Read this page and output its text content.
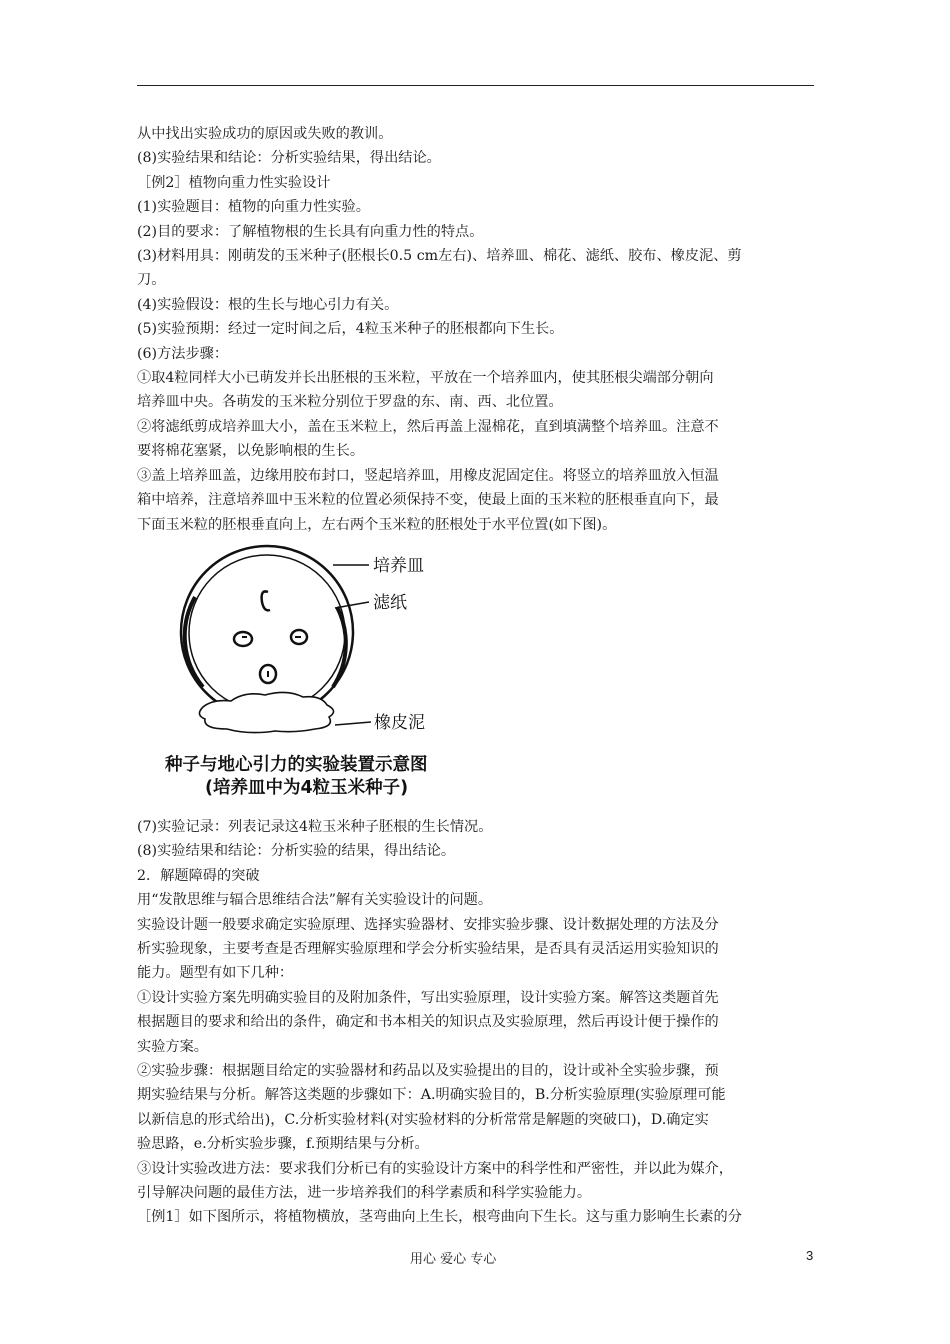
从中找出实验成功的原因或失败的教训。

(8)实验结果和结论：分析实验结果，得出结论。

［例2］植物向重力性实验设计

(1)实验题目：植物的向重力性实验。

(2)目的要求：了解植物根的生长具有向重力性的特点。

(3)材料用具：刚萌发的玉米种子(胚根长0.5 cm左右)、培养皿、棉花、滤纸、胶布、橡皮泥、剪

刀。

(4)实验假设：根的生长与地心引力有关。

(5)实验预期：经过一定时间之后，4粒玉米种子的胚根都向下生长。

(6)方法步骤：

①取4粒同样大小已萌发并长出胚根的玉米粒，平放在一个培养皿内，使其胚根尖端部分朝向

培养皿中央。各萌发的玉米粒分别位于罗盘的东、南、西、北位置。

②将滤纸剪成培养皿大小，盖在玉米粒上，然后再盖上湿棉花，直到填满整个培养皿。注意不

要将棉花塞紧，以免影响根的生长。

③盖上培养皿盖，边缘用胶布封口，竖起培养皿，用橡皮泥固定住。将竖立的培养皿放入恒温

箱中培养，注意培养皿中玉米粒的位置必须保持不变，使最上面的玉米粒的胚根垂直向下，最

下面玉米粒的胚根垂直向上，左右两个玉米粒的胚根处于水平位置(如下图)。

培养皿
滤纸
橡皮泥
种子与地心引力的实验装置示意图
(培养皿中为4粒玉米种子)

(7)实验记录：列表记录这4粒玉米种子胚根的生长情况。

(8)实验结果和结论：分析实验的结果，得出结论。

2．解题障碍的突破

用“发散思维与辐合思维结合法”解有关实验设计的问题。

实验设计题一般要求确定实验原理、选择实验器材、安排实验步骤、设计数据处理的方法及分

析实验现象，主要考查是否理解实验原理和学会分析实验结果，是否具有灵活运用实验知识的

能力。题型有如下几种：

①设计实验方案先明确实验目的及附加条件，写出实验原理，设计实验方案。解答这类题首先

根据题目的要求和给出的条件，确定和书本相关的知识点及实验原理，然后再设计便于操作的

实验方案。

②实验步骤：根据题目给定的实验器材和药品以及实验提出的目的，设计或补全实验步骤，预

期实验结果与分析。解答这类题的步骤如下：A.明确实验目的，B.分析实验原理(实验原理可能

以新信息的形式给出)，C.分析实验材料(对实验材料的分析常常是解题的突破口)，D.确定实

验思路，e.分析实验步骤，f.预期结果与分析。

③设计实验改进方法：要求我们分析已有的实验设计方案中的科学性和严密性，并以此为媒介，

引导解决问题的最佳方法，进一步培养我们的科学素质和科学实验能力。

［例1］如下图所示，将植物横放，茎弯曲向上生长，根弯曲向下生长。这与重力影响生长素的分

用心 爱心 专心	3
